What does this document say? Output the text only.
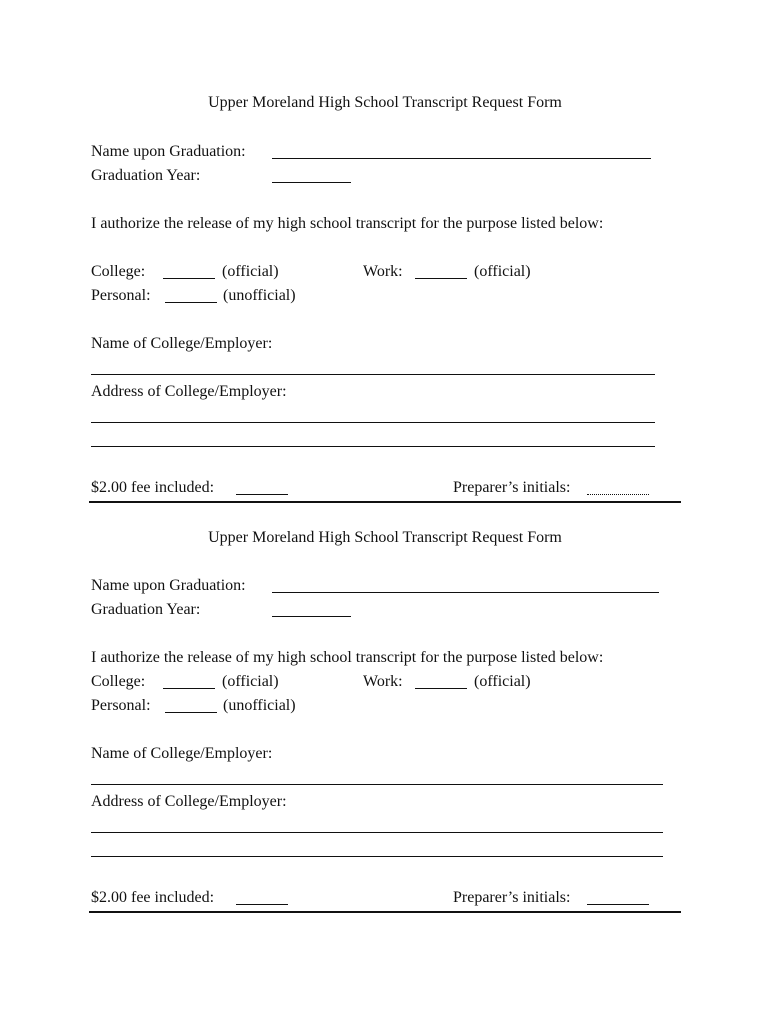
Upper Moreland High School Transcript Request Form
Name upon Graduation:
Graduation Year:
I authorize the release of my high school transcript for the purpose listed below:
College:	(official)	Work:	(official)
Personal:	(unofficial)
Name of College/Employer:
Address of College/Employer:
$2.00 fee included:	Preparer’s initials:
Upper Moreland High School Transcript Request Form
Name upon Graduation:
Graduation Year:
I authorize the release of my high school transcript for the purpose listed below:
College:	(official)	Work:	(official)
Personal:	(unofficial)
Name of College/Employer:
Address of College/Employer:
$2.00 fee included:	Preparer’s initials:
